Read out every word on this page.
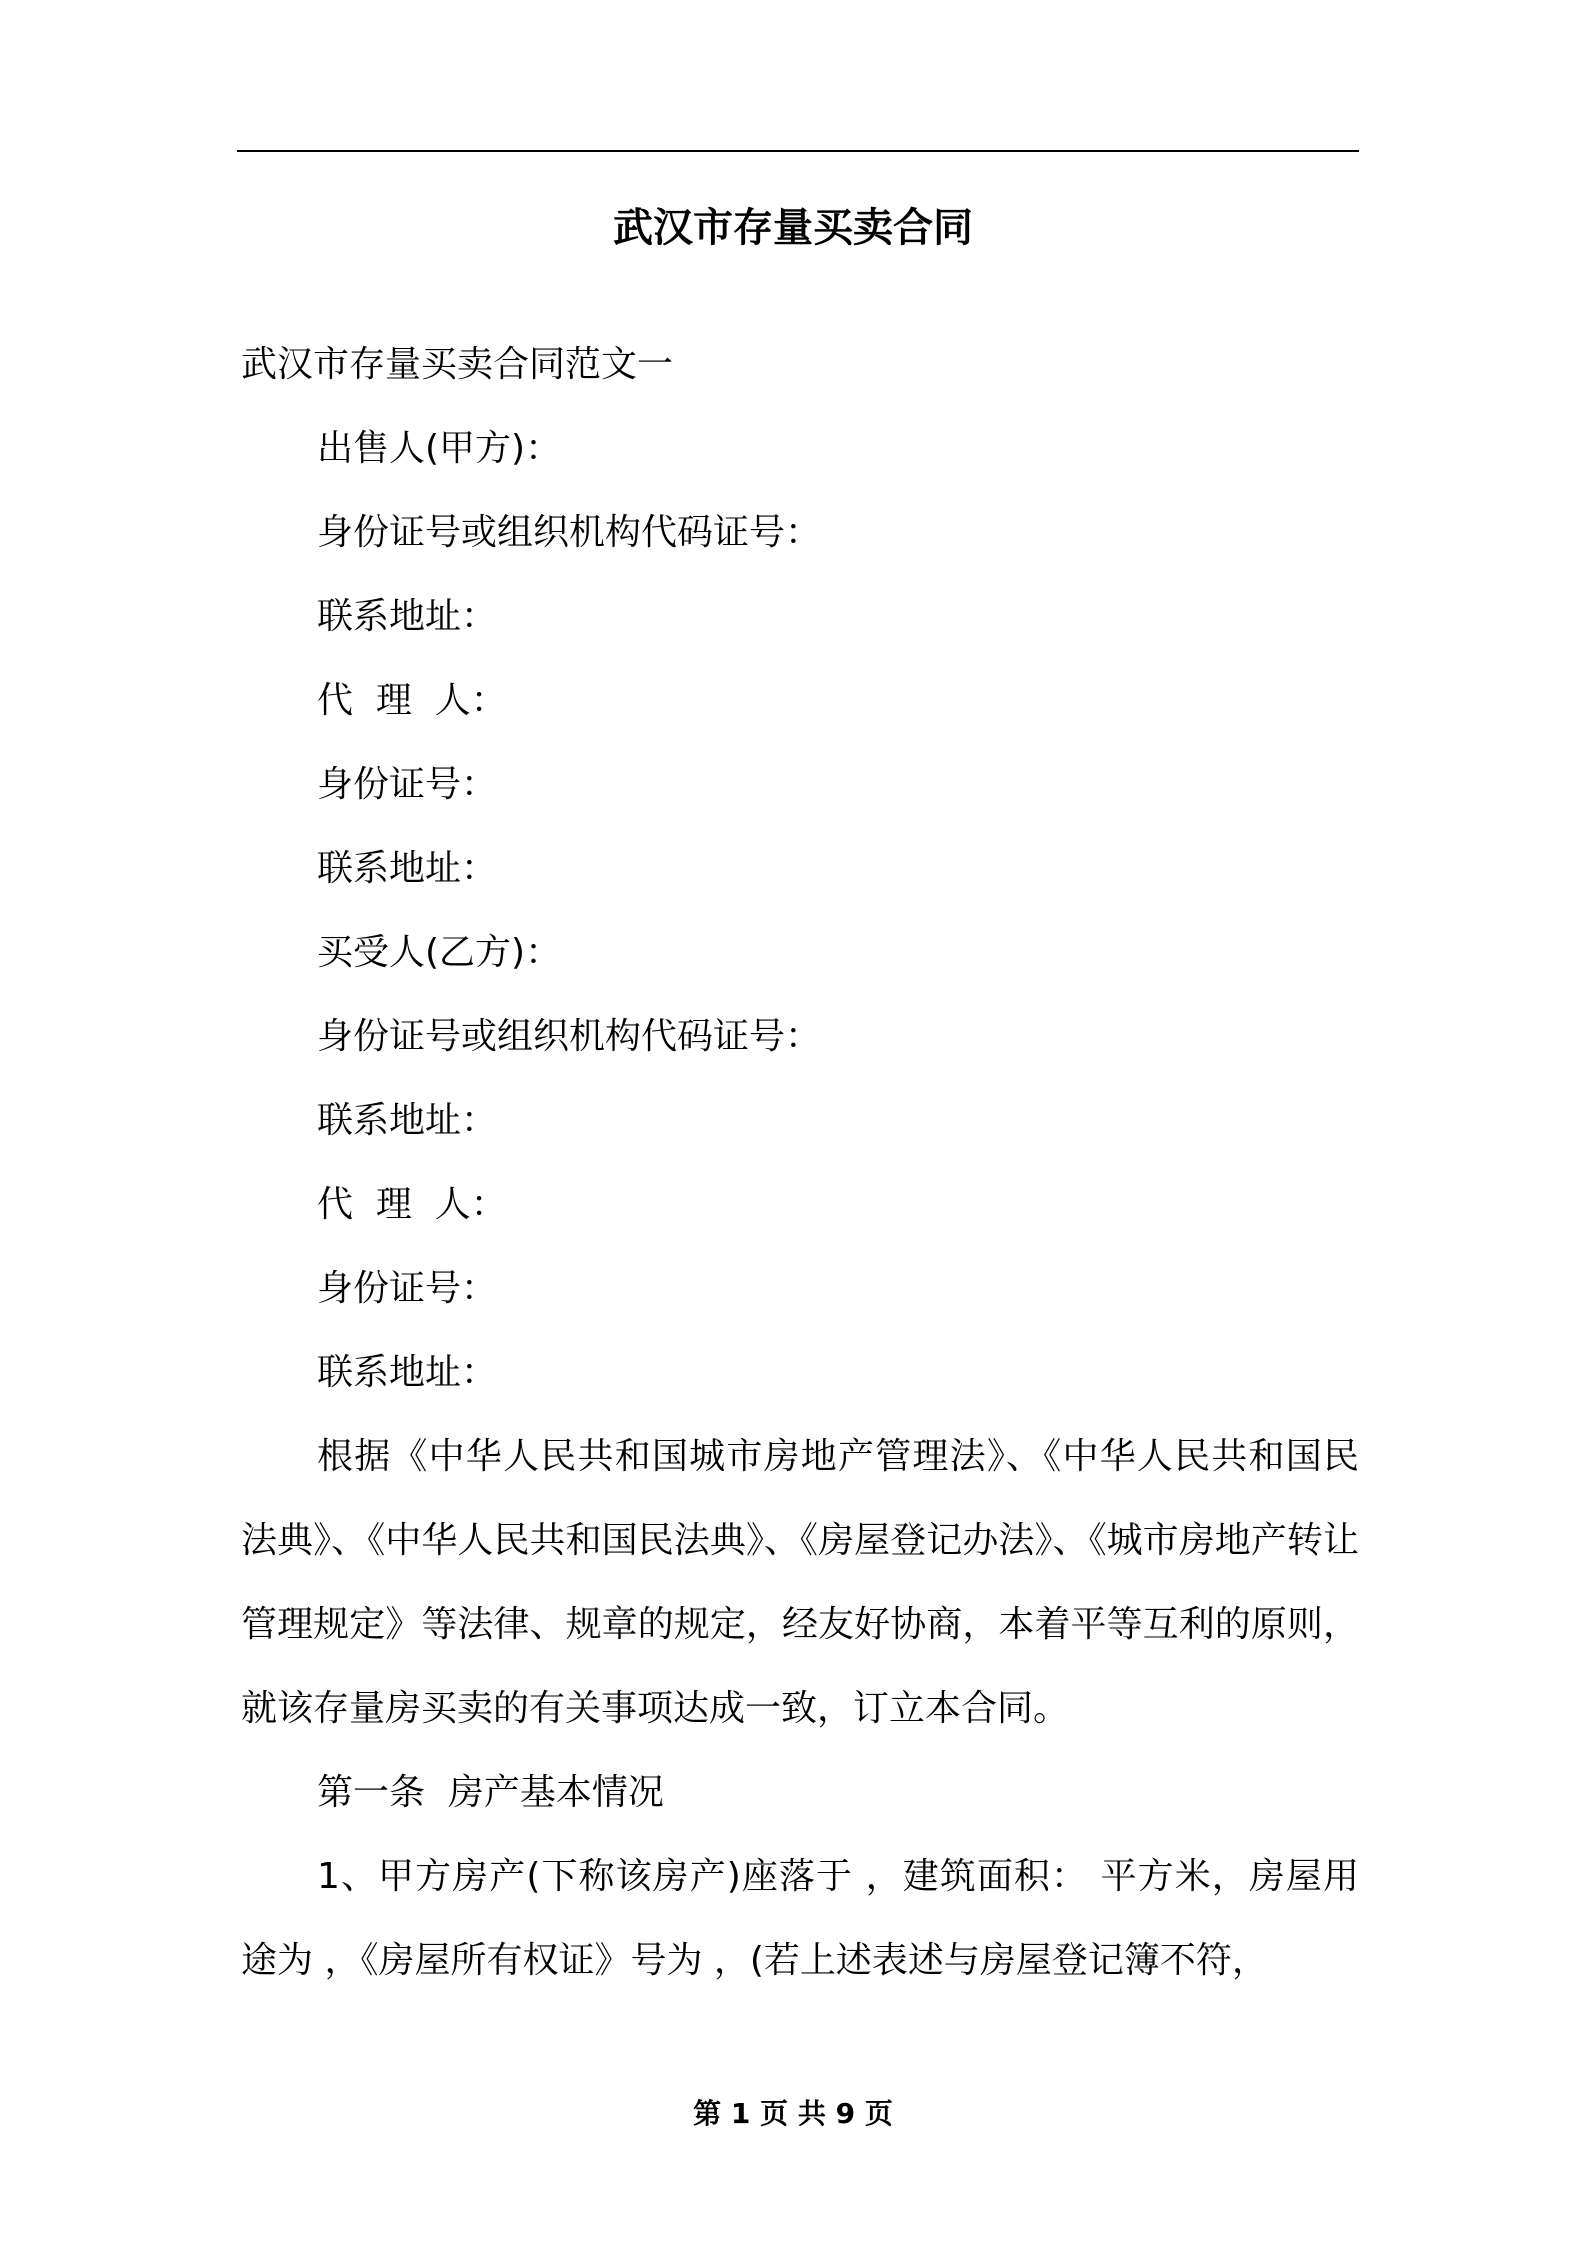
武汉市存量买卖合同
武汉市存量买卖合同范文一
出售人(甲方)：
身份证号或组织机构代码证号：
联系地址：
代  理  人：
身份证号：
联系地址：
买受人(乙方)：
身份证号或组织机构代码证号：
联系地址：
代  理  人：
身份证号：
联系地址：
根据《中华人民共和国城市房地产管理法》、《中华人民共和国民法典》、《中华人民共和国民法典》、《房屋登记办法》、《城市房地产转让管理规定》等法律、规章的规定，经友好协商，本着平等互利的原则，就该存量房买卖的有关事项达成一致，订立本合同。
第一条  房产基本情况
1、甲方房产(下称该房产)座落于 ，建筑面积： 平方米，房屋用途为 ，《房屋所有权证》号为 ，(若上述表述与房屋登记簿不符，
第 1 页 共 9 页
